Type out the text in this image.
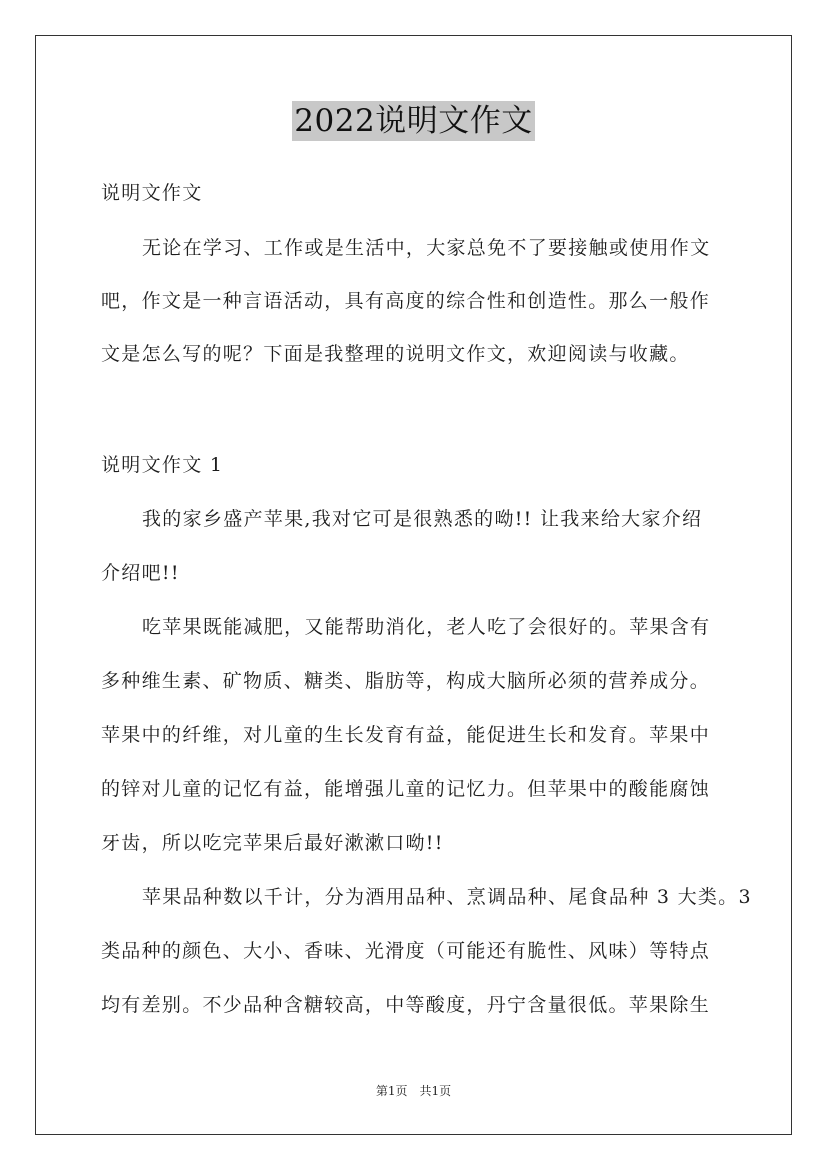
2022说明文作文
说明文作文
无论在学习、工作或是生活中，大家总免不了要接触或使用作文
吧，作文是一种言语活动，具有高度的综合性和创造性。那么一般作
文是怎么写的呢？下面是我整理的说明文作文，欢迎阅读与收藏。
说明文作文 1
我的家乡盛产苹果,我对它可是很熟悉的呦!! 让我来给大家介绍
介绍吧!!
吃苹果既能减肥，又能帮助消化，老人吃了会很好的。苹果含有
多种维生素、矿物质、糖类、脂肪等，构成大脑所必须的营养成分。
苹果中的纤维，对儿童的生长发育有益，能促进生长和发育。苹果中
的锌对儿童的记忆有益，能增强儿童的记忆力。但苹果中的酸能腐蚀
牙齿，所以吃完苹果后最好漱漱口呦!!
苹果品种数以千计，分为酒用品种、烹调品种、尾食品种 3 大类。3
类品种的颜色、大小、香味、光滑度（可能还有脆性、风味）等特点
均有差别。不少品种含糖较高，中等酸度，丹宁含量很低。苹果除生
第1页　共1页
